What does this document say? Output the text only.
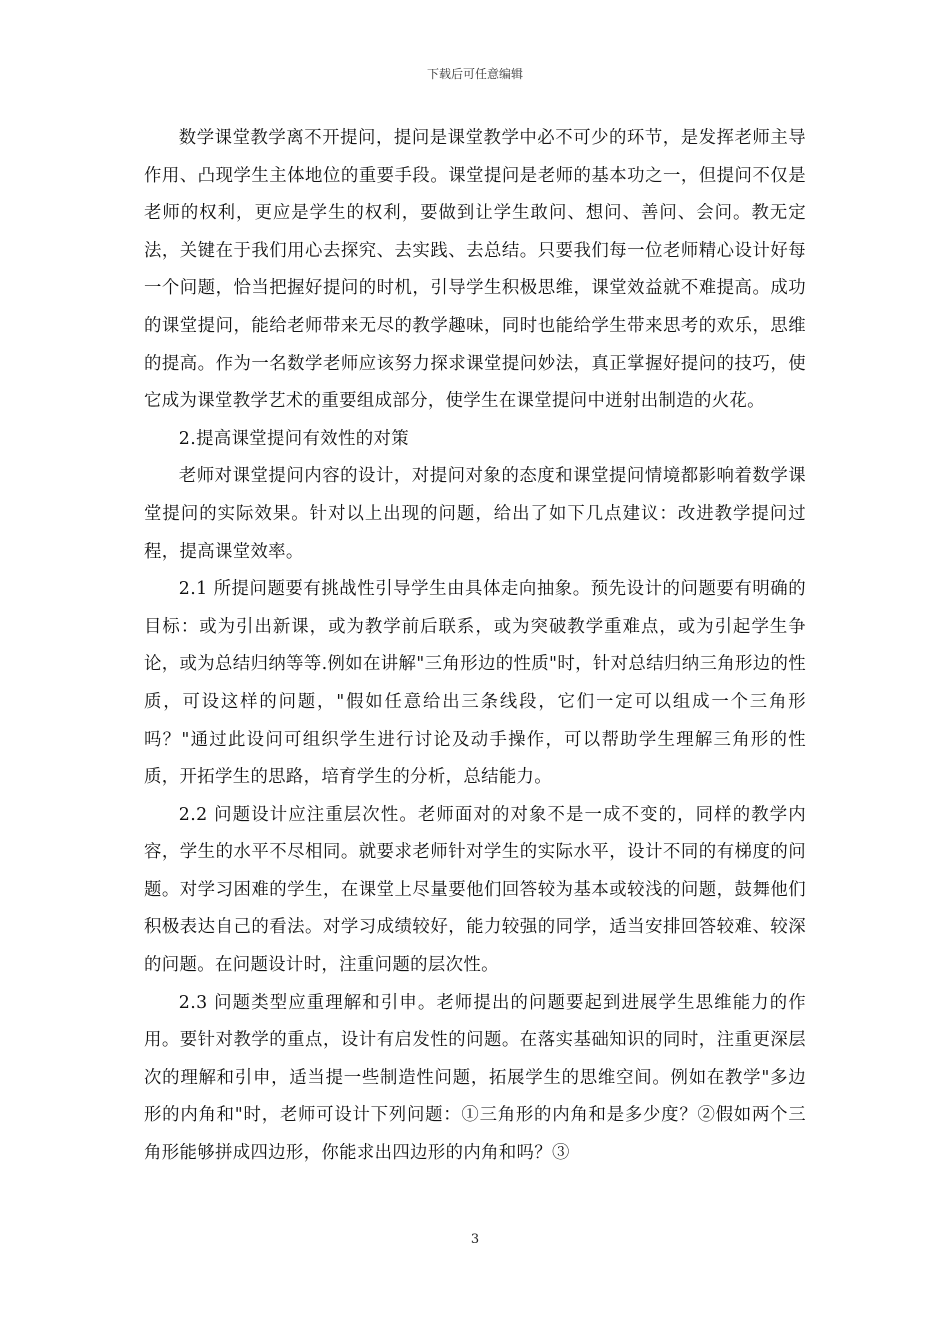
下载后可任意编辑

数学课堂教学离不开提问，提问是课堂教学中必不可少的环节，是发挥老师主导作用、凸现学生主体地位的重要手段。课堂提问是老师的基本功之一，但提问不仅是老师的权利，更应是学生的权利，要做到让学生敢问、想问、善问、会问。教无定法，关键在于我们用心去探究、去实践、去总结。只要我们每一位老师精心设计好每一个问题，恰当把握好提问的时机，引导学生积极思维，课堂效益就不难提高。成功的课堂提问，能给老师带来无尽的教学趣味，同时也能给学生带来思考的欢乐，思维的提高。作为一名数学老师应该努力探求课堂提问妙法，真正掌握好提问的技巧，使它成为课堂教学艺术的重要组成部分，使学生在课堂提问中迸射出制造的火花。

2.提高课堂提问有效性的对策

老师对课堂提问内容的设计，对提问对象的态度和课堂提问情境都影响着数学课堂提问的实际效果。针对以上出现的问题，给出了如下几点建议：改进教学提问过程，提高课堂效率。

2.1 所提问题要有挑战性引导学生由具体走向抽象。预先设计的问题要有明确的目标：或为引出新课，或为教学前后联系，或为突破教学重难点，或为引起学生争论，或为总结归纳等等.例如在讲解"三角形边的性质"时，针对总结归纳三角形边的性质，可设这样的问题，"假如任意给出三条线段，它们一定可以组成一个三角形吗？"通过此设问可组织学生进行讨论及动手操作，可以帮助学生理解三角形的性质，开拓学生的思路，培育学生的分析，总结能力。

2.2 问题设计应注重层次性。老师面对的对象不是一成不变的，同样的教学内容，学生的水平不尽相同。就要求老师针对学生的实际水平，设计不同的有梯度的问题。对学习困难的学生，在课堂上尽量要他们回答较为基本或较浅的问题，鼓舞他们积极表达自己的看法。对学习成绩较好，能力较强的同学，适当安排回答较难、较深的问题。在问题设计时，注重问题的层次性。

2.3 问题类型应重理解和引申。老师提出的问题要起到进展学生思维能力的作用。要针对教学的重点，设计有启发性的问题。在落实基础知识的同时，注重更深层次的理解和引申，适当提一些制造性问题，拓展学生的思维空间。例如在教学"多边形的内角和"时，老师可设计下列问题：①三角形的内角和是多少度？②假如两个三角形能够拼成四边形，你能求出四边形的内角和吗？③

3
